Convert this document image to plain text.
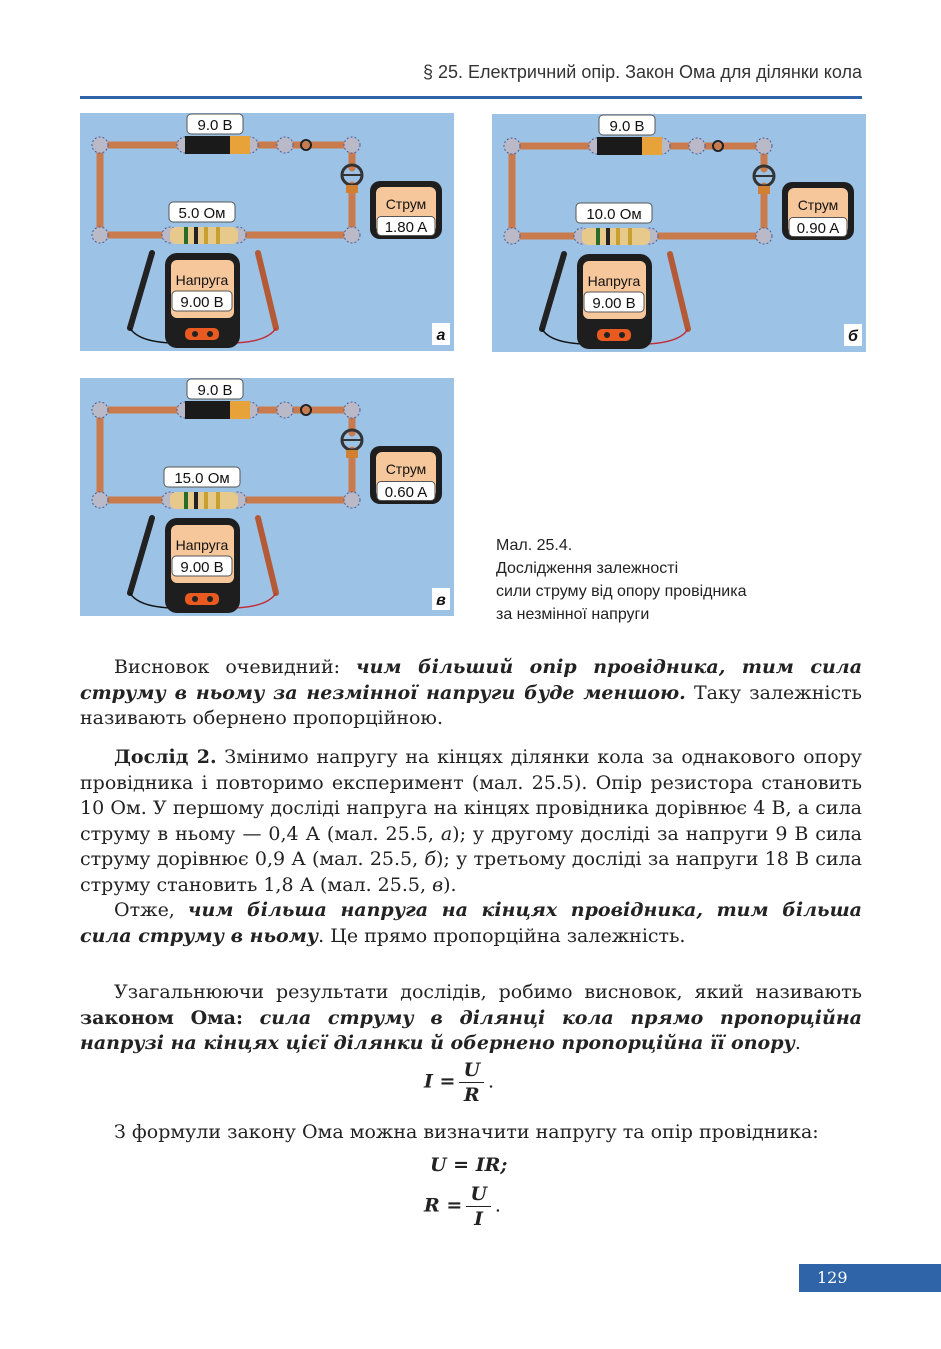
§ 25. Електричний опір. Закон Ома для ділянки кола
9.0 В
5.0 Ом
Струм
1.80 A
Напруга
9.00 В
а
9.0 В
10.0 Ом
Струм
0.90 A
Напруга
9.00 В
б
9.0 В
15.0 Ом
Струм
0.60 A
Напруга
9.00 В
в
Мал. 25.4.
Дослідження залежності
сили струму від опору провідника
за незмінної напруги

Висновок очевидний: чим більший опір провідника, тим сила струму в ньому за незмінної напруги буде меншою. Таку залежність називають обернено пропорційною.

Дослід 2. Змінимо напругу на кінцях ділянки кола за однакового опору провідника і повторимо експеримент (мал. 25.5). Опір резистора становить 10 Ом. У першому досліді напруга на кінцях провідника дорівнює 4 В, а сила струму в ньому — 0,4 А (мал. 25.5, а); у другому досліді за напруги 9 В сила струму дорівнює 0,9 А (мал. 25.5, б); у третьому досліді за напруги 18 В сила струму становить 1,8 А (мал. 25.5, в).

Отже, чим більша напруга на кінцях провідника, тим більша сила струму в ньому. Це прямо пропорційна залежність.

Узагальнюючи результати дослідів, робимо висновок, який називають законом Ома: сила струму в ділянці кола прямо пропорційна напрузі на кінцях цієї ділянки й обернено пропорційна її опору.

$I = \frac{U}{R}$ .

З формули закону Ома можна визначити напругу та опір провідника:

U = IR;
$R = \frac{U}{I}$ .
129
